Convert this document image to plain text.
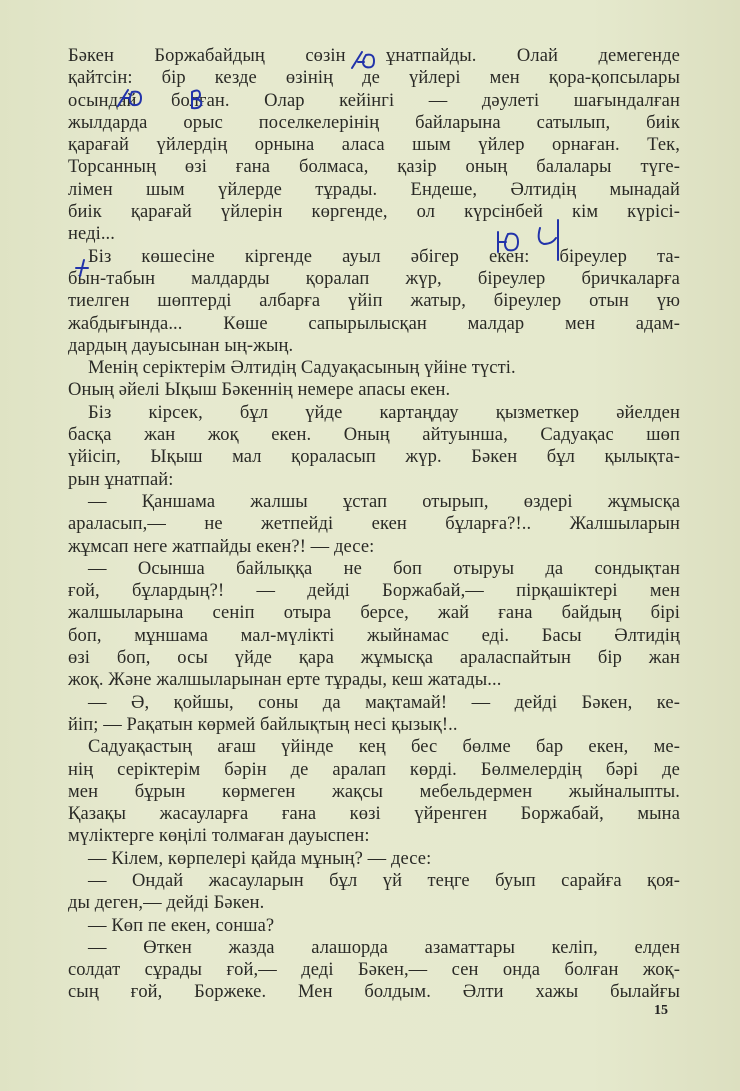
Бәкен Боржабайдың сөзін ұнатпайды. Олай демегенде
қайтсін: бір кезде өзінің де үйлері мен қора-қопсылары
осындай болған. Олар кейінгі — дәулеті шағындалған
жылдарда орыс поселкелерінің байларына сатылып, биік
қарағай үйлердің орнына аласа шым үйлер орнаған. Тек,
Торсанның өзі ғана болмаса, қазір оның балалары түге-
лімен шым үйлерде тұрады. Ендеше, Әлтидің мынадай
биік қарағай үйлерін көргенде, ол күрсінбей кім күрісі-
неді...
Біз көшесіне кіргенде ауыл әбігер екен: біреулер та-
бын-табын малдарды қоралап жүр, біреулер бричкаларға
тиелген шөптерді албарға үйіп жатыр, біреулер отын үю
жабдығында... Көше сапырылысқан малдар мен адам-
дардың дауысынан ың-жың.
Менің серіктерім Әлтидің Садуақасының үйіне түсті.
Оның әйелі Ықыш Бәкеннің немере апасы екен.
Біз кірсек, бұл үйде картаңдау қызметкер әйелден
басқа жан жоқ екен. Оның айтуынша, Садуақас шөп
үйісіп, Ықыш мал қораласып жүр. Бәкен бұл қылықта-
рын ұнатпай:
— Қаншама жалшы ұстап отырып, өздері жұмысқа
араласып,— не жетпейді екен бұларға?!.. Жалшыларын
жұмсап неге жатпайды екен?! — десе:
— Осынша байлыққа не боп отыруы да сондықтан
ғой, бұлардың?! — дейді Боржабай,— пірқашіктері мен
жалшыларына сеніп отыра берсе, жай ғана байдың бірі
боп, мұншама мал-мүлікті жыйнамас еді. Басы Әлтидің
өзі боп, осы үйде қара жұмысқа араласпайтын бір жан
жоқ. Және жалшыларынан ерте тұрады, кеш жатады...
— Ә, қойшы, соны да мақтамай! — дейді Бәкен, ке-
йіп; — Рақатын көрмей байлықтың несі қызық!..
Садуақастың ағаш үйінде кең бес бөлме бар екен, ме-
нің серіктерім бәрін де аралап көрді. Бөлмелердің бәрі де
мен бұрын көрмеген жақсы мебельдермен жыйналыпты.
Қазақы жасауларға ғана көзі үйренген Боржабай, мына
мүліктерге көңілі толмаған дауыспен:
— Кілем, көрпелері қайда мұның? — десе:
— Ондай жасауларын бұл үй теңге буып сарайға қоя-
ды деген,— дейді Бәкен.
— Көп пе екен, сонша?
— Өткен жазда алашорда азаматтары келіп, елден
солдат сұрады ғой,— деді Бәкен,— сен онда болған жоқ-
сың ғой, Боржеке. Мен болдым. Әлти хажы былайғы
15
